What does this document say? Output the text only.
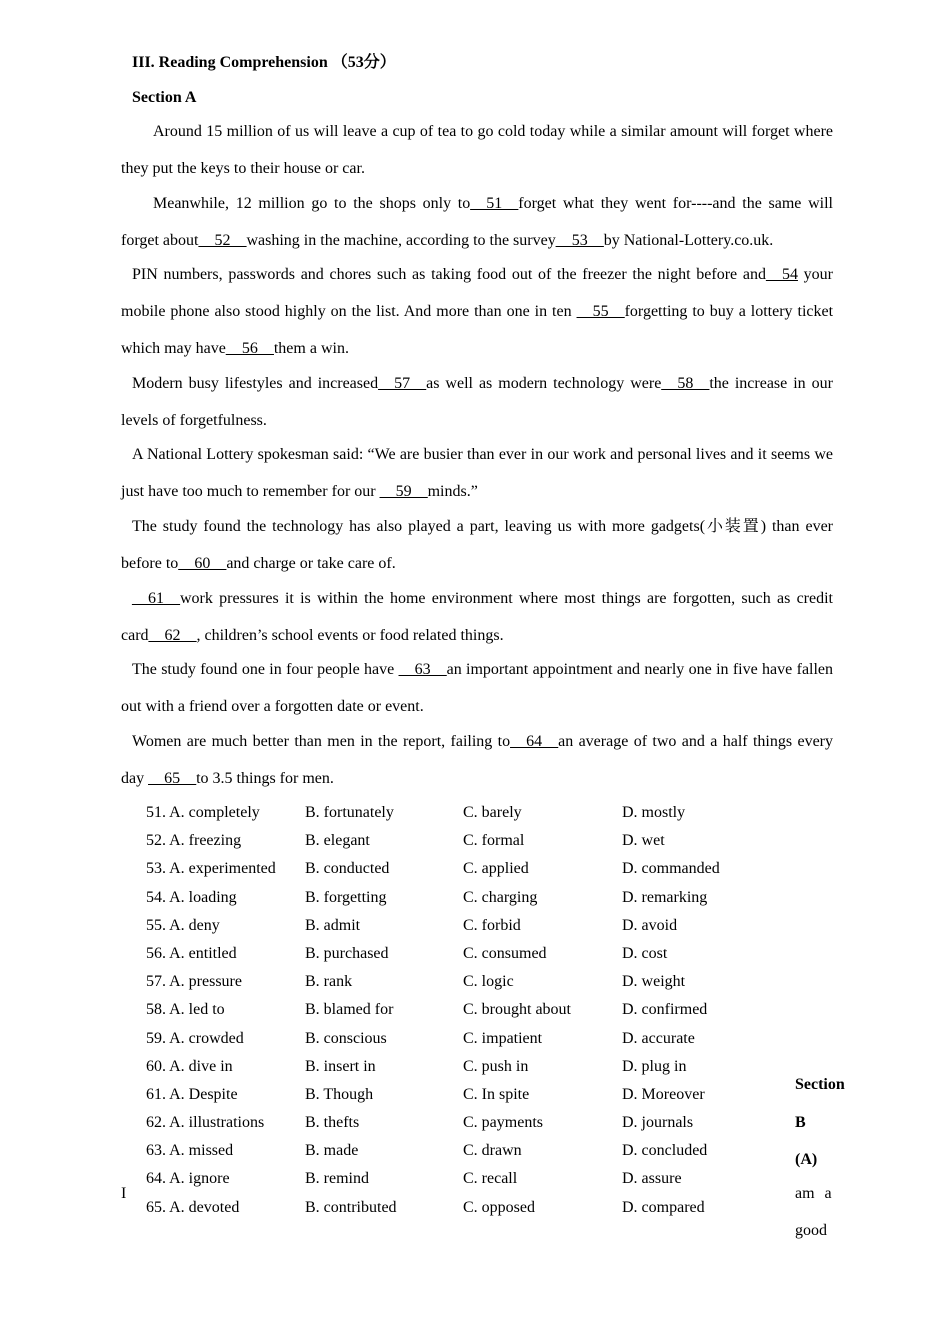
III. Reading Comprehension （53分）
Section A
Around 15 million of us will leave a cup of tea to go cold today while a similar amount will forget where they put the keys to their house or car.
Meanwhile, 12 million go to the shops only to__51__forget what they went for----and the same will forget about__52__washing in the machine, according to the survey__53__by National-Lottery.co.uk.
PIN numbers, passwords and chores such as taking food out of the freezer the night before and__54 your mobile phone also stood highly on the list. And more than one in ten __55__forgetting to buy a lottery ticket which may have__56__them a win.
Modern busy lifestyles and increased__57__as well as modern technology were__58__the increase in our levels of forgetfulness.
A National Lottery spokesman said: “We are busier than ever in our work and personal lives and it seems we just have too much to remember for our __59__minds.”
The study found the technology has also played a part, leaving us with more gadgets(小装置) than ever before to__60__and charge or take care of.
__61__work pressures it is within the home environment where most things are forgotten, such as credit card__62__, children’s school events or food related things.
The study found one in four people have __63__an important appointment and nearly one in five have fallen out with a friend over a forgotten date or event.
Women are much better than men in the report, failing to__64__an average of two and a half things every day __65__to 3.5 things for men.
51. A. completely	B. fortunately	C. barely	D. mostly
52. A. freezing	B. elegant	C. formal	D. wet
53. A. experimented B. conducted	C. applied	D. commanded
54. A. loading	B. forgetting	C. charging	D. remarking
55. A. deny	B. admit	C. forbid	D. avoid
56. A. entitled	B. purchased	C. consumed	D. cost
57. A. pressure	B. rank	C. logic	D. weight
58. A. led to	B. blamed for	C. brought about	D. confirmed
59. A. crowded	B. conscious	C. impatient	D. accurate
60. A. dive in	B. insert in	C. push in	D. plug in
61. A. Despite	B. Though	C. In spite	D. Moreover
62. A. illustrations	B. thefts	C. payments	D. journals
63. A. missed	B. made	C. drawn	D. concluded
64. A. ignore	B. remind	C. recall	D. assure
65. A. devoted	B. contributed	C. opposed	D. compared
I
Section
B
(A)
am a
good
